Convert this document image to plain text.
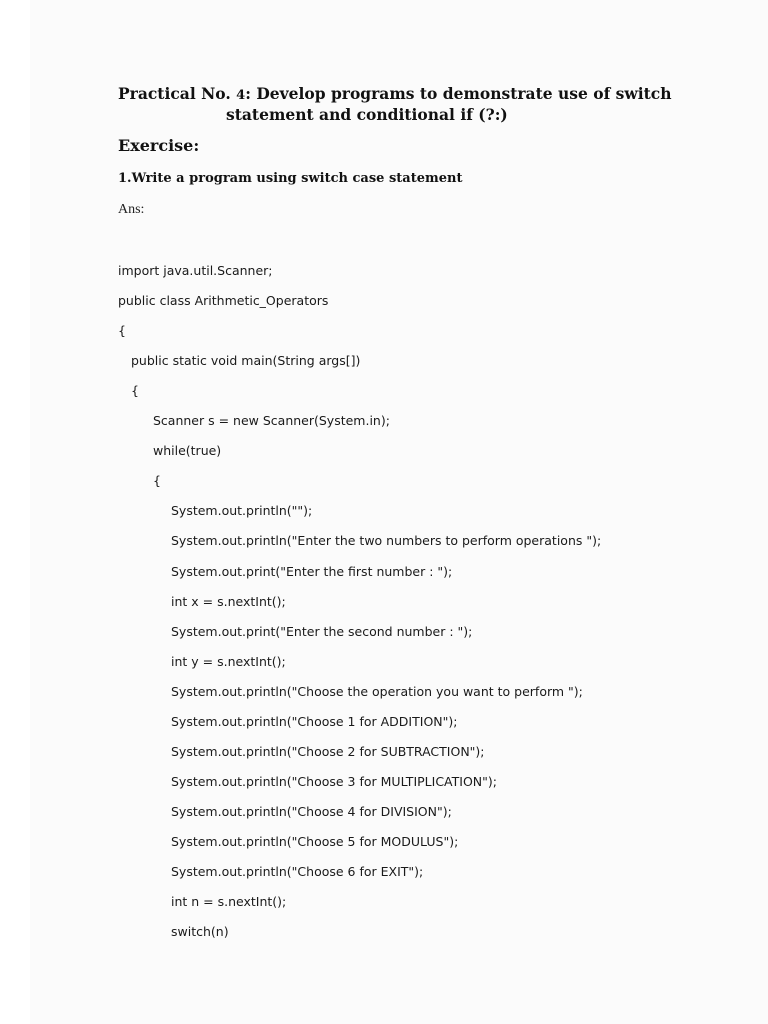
Practical No. 4: Develop programs to demonstrate use of switch
statement and conditional if (?:)
Exercise:
1.Write a program using switch case statement
Ans:
import java.util.Scanner;
public class Arithmetic_Operators
{
public static void main(String args[])
{
Scanner s = new Scanner(System.in);
while(true)
{
System.out.println("");
System.out.println("Enter the two numbers to perform operations ");
System.out.print("Enter the first number : ");
int x = s.nextInt();
System.out.print("Enter the second number : ");
int y = s.nextInt();
System.out.println("Choose the operation you want to perform ");
System.out.println("Choose 1 for ADDITION");
System.out.println("Choose 2 for SUBTRACTION");
System.out.println("Choose 3 for MULTIPLICATION");
System.out.println("Choose 4 for DIVISION");
System.out.println("Choose 5 for MODULUS");
System.out.println("Choose 6 for EXIT");
int n = s.nextInt();
switch(n)
